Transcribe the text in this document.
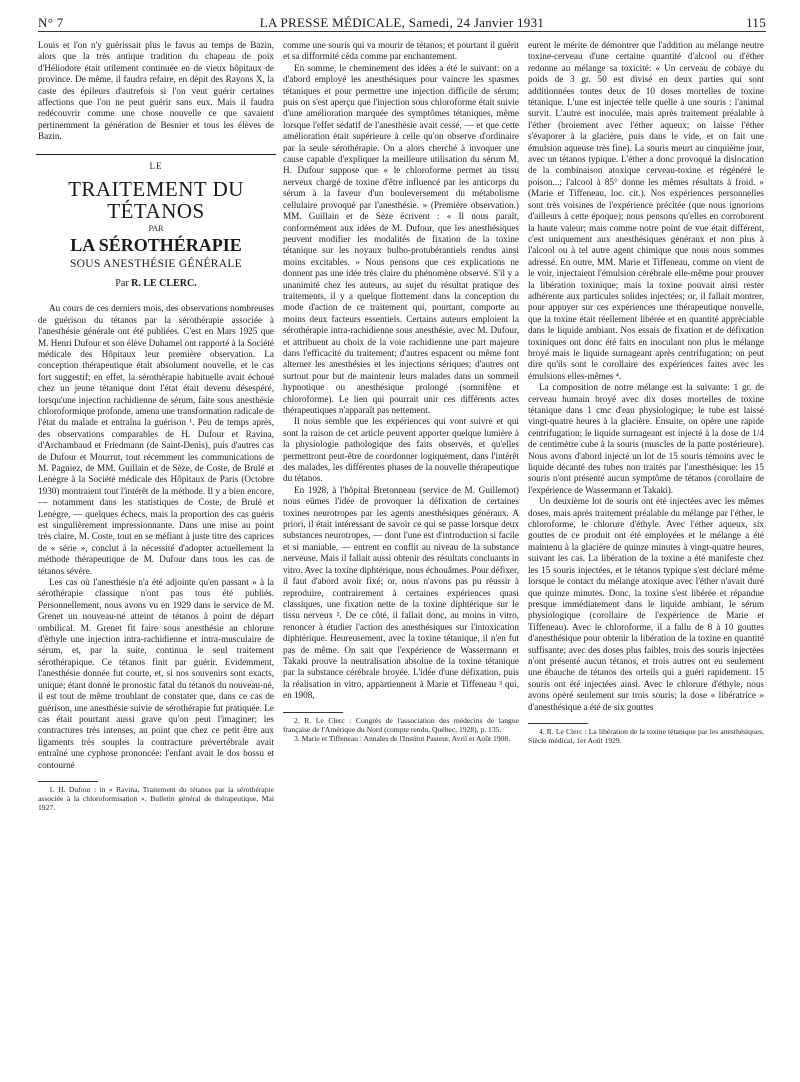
N° 7	LA PRESSE MÉDICALE, Samedi, 24 Janvier 1931	115

Louis et l'on n'y guérissait plus le favus au temps de Bazin, alors que la très antique tradition du chapeau de poix d'Héliodore était utilement continuée en de vieux hôpitaux de province. De même, il faudra refaire, en dépit des Rayons X, la caste des épileurs d'autrefois si l'on veut guérir certaines affections que l'on ne peut guérir sans eux. Mais il faudra redécouvrir comme une chose nouvelle ce que savaient pertinemment la génération de Besnier et tous les élèves de Bazin.

LE
TRAITEMENT DU TÉTANOS
PAR
LA SÉROTHÉRAPIE
SOUS ANESTHÉSIE GÉNÉRALE
Par R. LE CLERC.

Au cours de ces derniers mois, des observations nombreuses de guérison du tétanos par la sérothérapie associée à l'anesthésie générale ont été publiées. C'est en Mars 1925 que M. Henri Dufour et son élève Duhamel ont rapporté à la Société médicale des Hôpitaux leur première observation. La conception thérapeutique était absolument nouvelle, et le cas fort suggestif; en effet, la sérothérapie habituelle avait échoué chez un jeune tétanique dont l'état était devenu désespéré, lorsqu'une injection rachidienne de sérum, faite sous anesthésie chloroformique profonde, amena une transformation radicale de l'état du malade et entraîna la guérison ¹. Peu de temps après, des observations comparables de H. Dufour et Ravina, d'Archambaud et Friedmann (de Saint-Denis), puis d'autres cas de Dufour et Mourrut, tout récemment les communications de M. Pagniez, de MM. Guillain et de Sèze, de Coste, de Brulé et Lenègre à la Société médicale des Hôpitaux de Paris (Octobre 1930) montraient tout l'intérêt de la méthode. Il y a bien encore, — notamment dans les statistiques de Coste, de Brulé et Lenègre, — quelques échecs, mais la proportion des cas guéris est singulièrement impressionnante. Dans une mise au point très claire, M. Coste, tout en se méfiant à juste titre des caprices de « série », conclut à la nécessité d'adopter actuellement la méthode thérapeutique de M. Dufour dans tous les cas de tétanos sévère.

Les cas où l'anesthésie n'a été adjointe qu'en passant » à la sérothérapie classique n'ont pas tous été publiés. Personnellement, nous avons vu en 1929 dans le service de M. Grenet un nouveau-né atteint de tétanos à point de départ ombilical. M. Grenet fit faire sous anesthésie au chlorure d'éthyle une injection intra-rachidienne et intra-musculaire de sérum, et, par la suite, continua le seul traitement sérothérapique. Ce tétanos finit par guérir. Evidemment, l'anesthésie donnée fut courte, et, si nos souvenirs sont exacts, unique; étant donné le pronostic fatal du tétanos du nouveau-né, il est tout de même troublant de constater que, dans ce cas de guérison, une anesthésie suivie de sérothérapie fut pratiquée. Le cas était pourtant aussi grave qu'on peut l'imaginer; les contractures très intenses, au point que chez ce petit être aux ligaments très souples la contracture prévertébrale avait entraîné une cyphose prononcée: l'enfant avait le dos bossu et contourné

1. H. Dufour : in « Ravina, Traitement du tétanos par la sérothérapie associée à la chloroformisation ». Bulletin général de thérapeutique, Mai 1927.

comme une souris qui va mourir de tétanos; et pourtant il guérit et sa difformité céda comme par enchantement.

En somme, le cheminement des idées a été le suivant: on a d'abord employé les anesthésiques pour vaincre les spasmes tétaniques et pour permettre une injection difficile de sérum; puis on s'est aperçu que l'injection sous chloroforme était suivie d'une amélioration marquée des symptômes tétaniques, même lorsque l'effet sédatif de l'anesthésie avait cessé, — et que cette amélioration était supérieure à celle qu'on observe d'ordinaire par la seule sérothérapie. On a alors cherché à invoquer une cause capable d'expliquer la meilleure utilisation du sérum M. H. Dufour suppose que « le chloroforme permet au tissu nerveux chargé de toxine d'être influencé par les anticorps du sérum à la faveur d'un bouleversement du métabolisme cellulaire provoqué par l'anesthésie. » (Première observation.) MM. Guillain et de Sèze écrivent : « Il nous paraît, conformément aux idées de M. Dufour, que les anesthésiques peuvent modifier les modalités de fixation de la toxine tétanique sur les noyaux bulbo-protubérantiels rendus ainsi moins excitables. » Nous pensons que ces explications ne donnent pas une idée très claire du phénomène observé. S'il y a unanimité chez les auteurs, au sujet du résultat pratique des traitements, il y a quelque flottement dans la conception du mode d'action de ce traitement qui, pourtant, comporte au moins deux facteurs essentiels. Certains auteurs emploient la sérothérapie intra-rachidienne sous anesthésie, avec M. Dufour, et attribuent au choix de la voie rachidienne une part majeure dans l'efficacité du traitement; d'autres espacent ou même font alterner les anesthésies et les injections sériques; d'autres ont surtout pour but de maintenir leurs malades dans un sommeil hypnotique ou anesthésique prolongé (somnifène et chloroforme). Le lien qui pourrait unir ces différents actes thérapeutiques n'apparaît pas nettement.

Il nous semble que les expériences qui vont suivre et qui sont la raison de cet article peuvent apporter quelque lumière à la physiologie pathologique des faits observés, et qu'elles permettront peut-être de coordonner logiquement, dans l'intérêt des malades, les différentes phases de la nouvelle thérapeutique du tétanos.

En 1928, à l'hôpital Bretonneau (service de M. Guillemot) nous eûmes l'idée de provoquer la défixation de certaines toxines neurotropes par les agents anesthésiques généraux. A priori, il était intéressant de savoir ce qui se passe lorsque deux substances neurotropes, — dont l'une est d'introduction si facile et si maniable, — entrent en conflit au niveau de la substance nerveuse. Mais il fallait aussi obtenir des résultats concluants in vitro. Avec la toxine diphtérique, nous échouâmes. Pour défixer, il faut d'abord avoir fixé; or, nous n'avons pas pu réussir à reproduire, contrairement à certaines expériences quasi classiques, une fixation nette de la toxine diphtérique sur le tissu nerveux ². De ce côté, il fallait donc, au moins in vitro, renoncer à étudier l'action des anesthésiques sur l'intoxication diphtérique. Heureusement, avec la toxine tétanique, il n'en fut pas de même. On sait que l'expérience de Wassermann et Takaki prouve la neutralisation absolue de la toxine tétanique par la substance cérébrale broyée. L'idée d'une défixation, puis la réalisation in vitro, appartiennent à Marie et Tiffeneau ³ qui, en 1908,

2. R. Le Clerc : Congrès de l'association des médecins de langue française de l'Amérique du Nord (compte rendu, Québec, 1928), p. 135.

3. Marie et Tiffeneau : Annales de l'Institut Pasteur, Avril et Août 1908.

eurent le mérite de démontrer que l'addition au mélange neutre toxine-cerveau d'une certaine quantité d'alcool ou d'éther redonne au mélange sa toxicité: « Un cerveau de cobaye du poids de 3 gr. 50 est divisé en deux parties qui sont additionnées toutes deux de 10 doses mortelles de toxine tétanique. L'une est injectée telle quelle à une souris : l'animal survit. L'autre est inoculée, mais après traitement préalable à l'éther (broiement avec l'éther aqueux; on laisse l'éther s'évaporer à la glacière, puis dans le vide, et on fait une émulsion aqueuse très fine). La souris meurt au cinquième jour, avec un tétanos typique. L'éther a donc provoqué la dislocation de la combinaison atoxique cerveau-toxine et régénéré le poison...; l'alcool à 85° donne les mêmes résultats à froid. » (Marie et Tiffeneau, loc. cit.). Nos expériences personnelles sont très voisines de l'expérience précitée (que nous ignorions d'ailleurs à cette époque); nous pensons qu'elles en corroborent la haute valeur; mais comme notre point de vue était différent, c'est uniquement aux anesthésiques généraux et non plus à l'alcool ou à tel autre agent chimique que nous nous sommes adressé. En outre, MM. Marie et Tiffeneau, comme on vient de le voir, injectaient l'émulsion cérébrale elle-même pour prouver la libération toxinique; mais la toxine pouvait ainsi rester adhérente aux particules solides injectées; or, il fallait montrer, pour appuyer sur ces expériences une thérapeutique nouvelle, que la toxine était réellement libérée et en quantité appréciable dans le liquide ambiant. Nos essais de fixation et de défixation toxiniques ont donc été faits en inoculant non plus le mélange broyé mais le liquide surnageant après centrifugation; on peut dire qu'ils sont le corollaire des expériences faites avec les émulsions elles-mêmes ⁴.

La composition de notre mélange est la suivante: 1 gr. de cerveau humain broyé avec dix doses mortelles de toxine tétanique dans 1 cmc d'eau physiologique; le tube est laissé vingt-quatre heures à la glacière. Ensuite, on opère une rapide centrifugation; le liquide surnageant est injecté à la dose de 1/4 de centimètre cube à la souris (muscles de la patte postérieure). Nous avons d'abord injecté un lot de 15 souris témoins avec le liquide décanté des tubes non traités par l'anesthésique: les 15 souris n'ont présenté aucun symptôme de tétanos (corollaire de l'expérience de Wassermann et Takaki).

Un deuxième lot de souris ont été injectées avec les mêmes doses, mais après traitement préalable du mélange par l'éther, le chloroforme, le chlorure d'éthyle. Avec l'éther aqueux, six gouttes de ce produit ont été employées et le mélange a été maintenu à la glacière de quinze minutes à vingt-quatre heures, suivant les cas. La libération de la toxine a été manifeste chez les 15 souris injectées, et le tétanos typique s'est déclaré même lorsque le contact du mélange atoxique avec l'éther n'avait duré que quinze minutes. Donc, la toxine s'est libérée et répandue presque immédiatement dans le liquide ambiant, le sérum physiologique (corollaire de l'expérience de Marie et Tiffeneau). Avec le chloroforme, il a fallu de 8 à 10 gouttes d'anesthésique pour obtenir la libération de la toxine en quantité suffisante; avec des doses plus faibles, trois des souris injectées n'ont présenté aucun tétanos, et trois autres ont eu seulement une ébauche de tétanos des orteils qui a guéri rapidement. 15 souris ont été injectées ainsi. Avec le chlorure d'éthyle, nous avons opéré seulement sur trois souris; la dose « libératrice » d'anesthésique a été de six gouttes

4. R. Le Clerc : La libération de la toxine tétanique par les anesthésiques, Siècle médical, 1er Août 1929.
